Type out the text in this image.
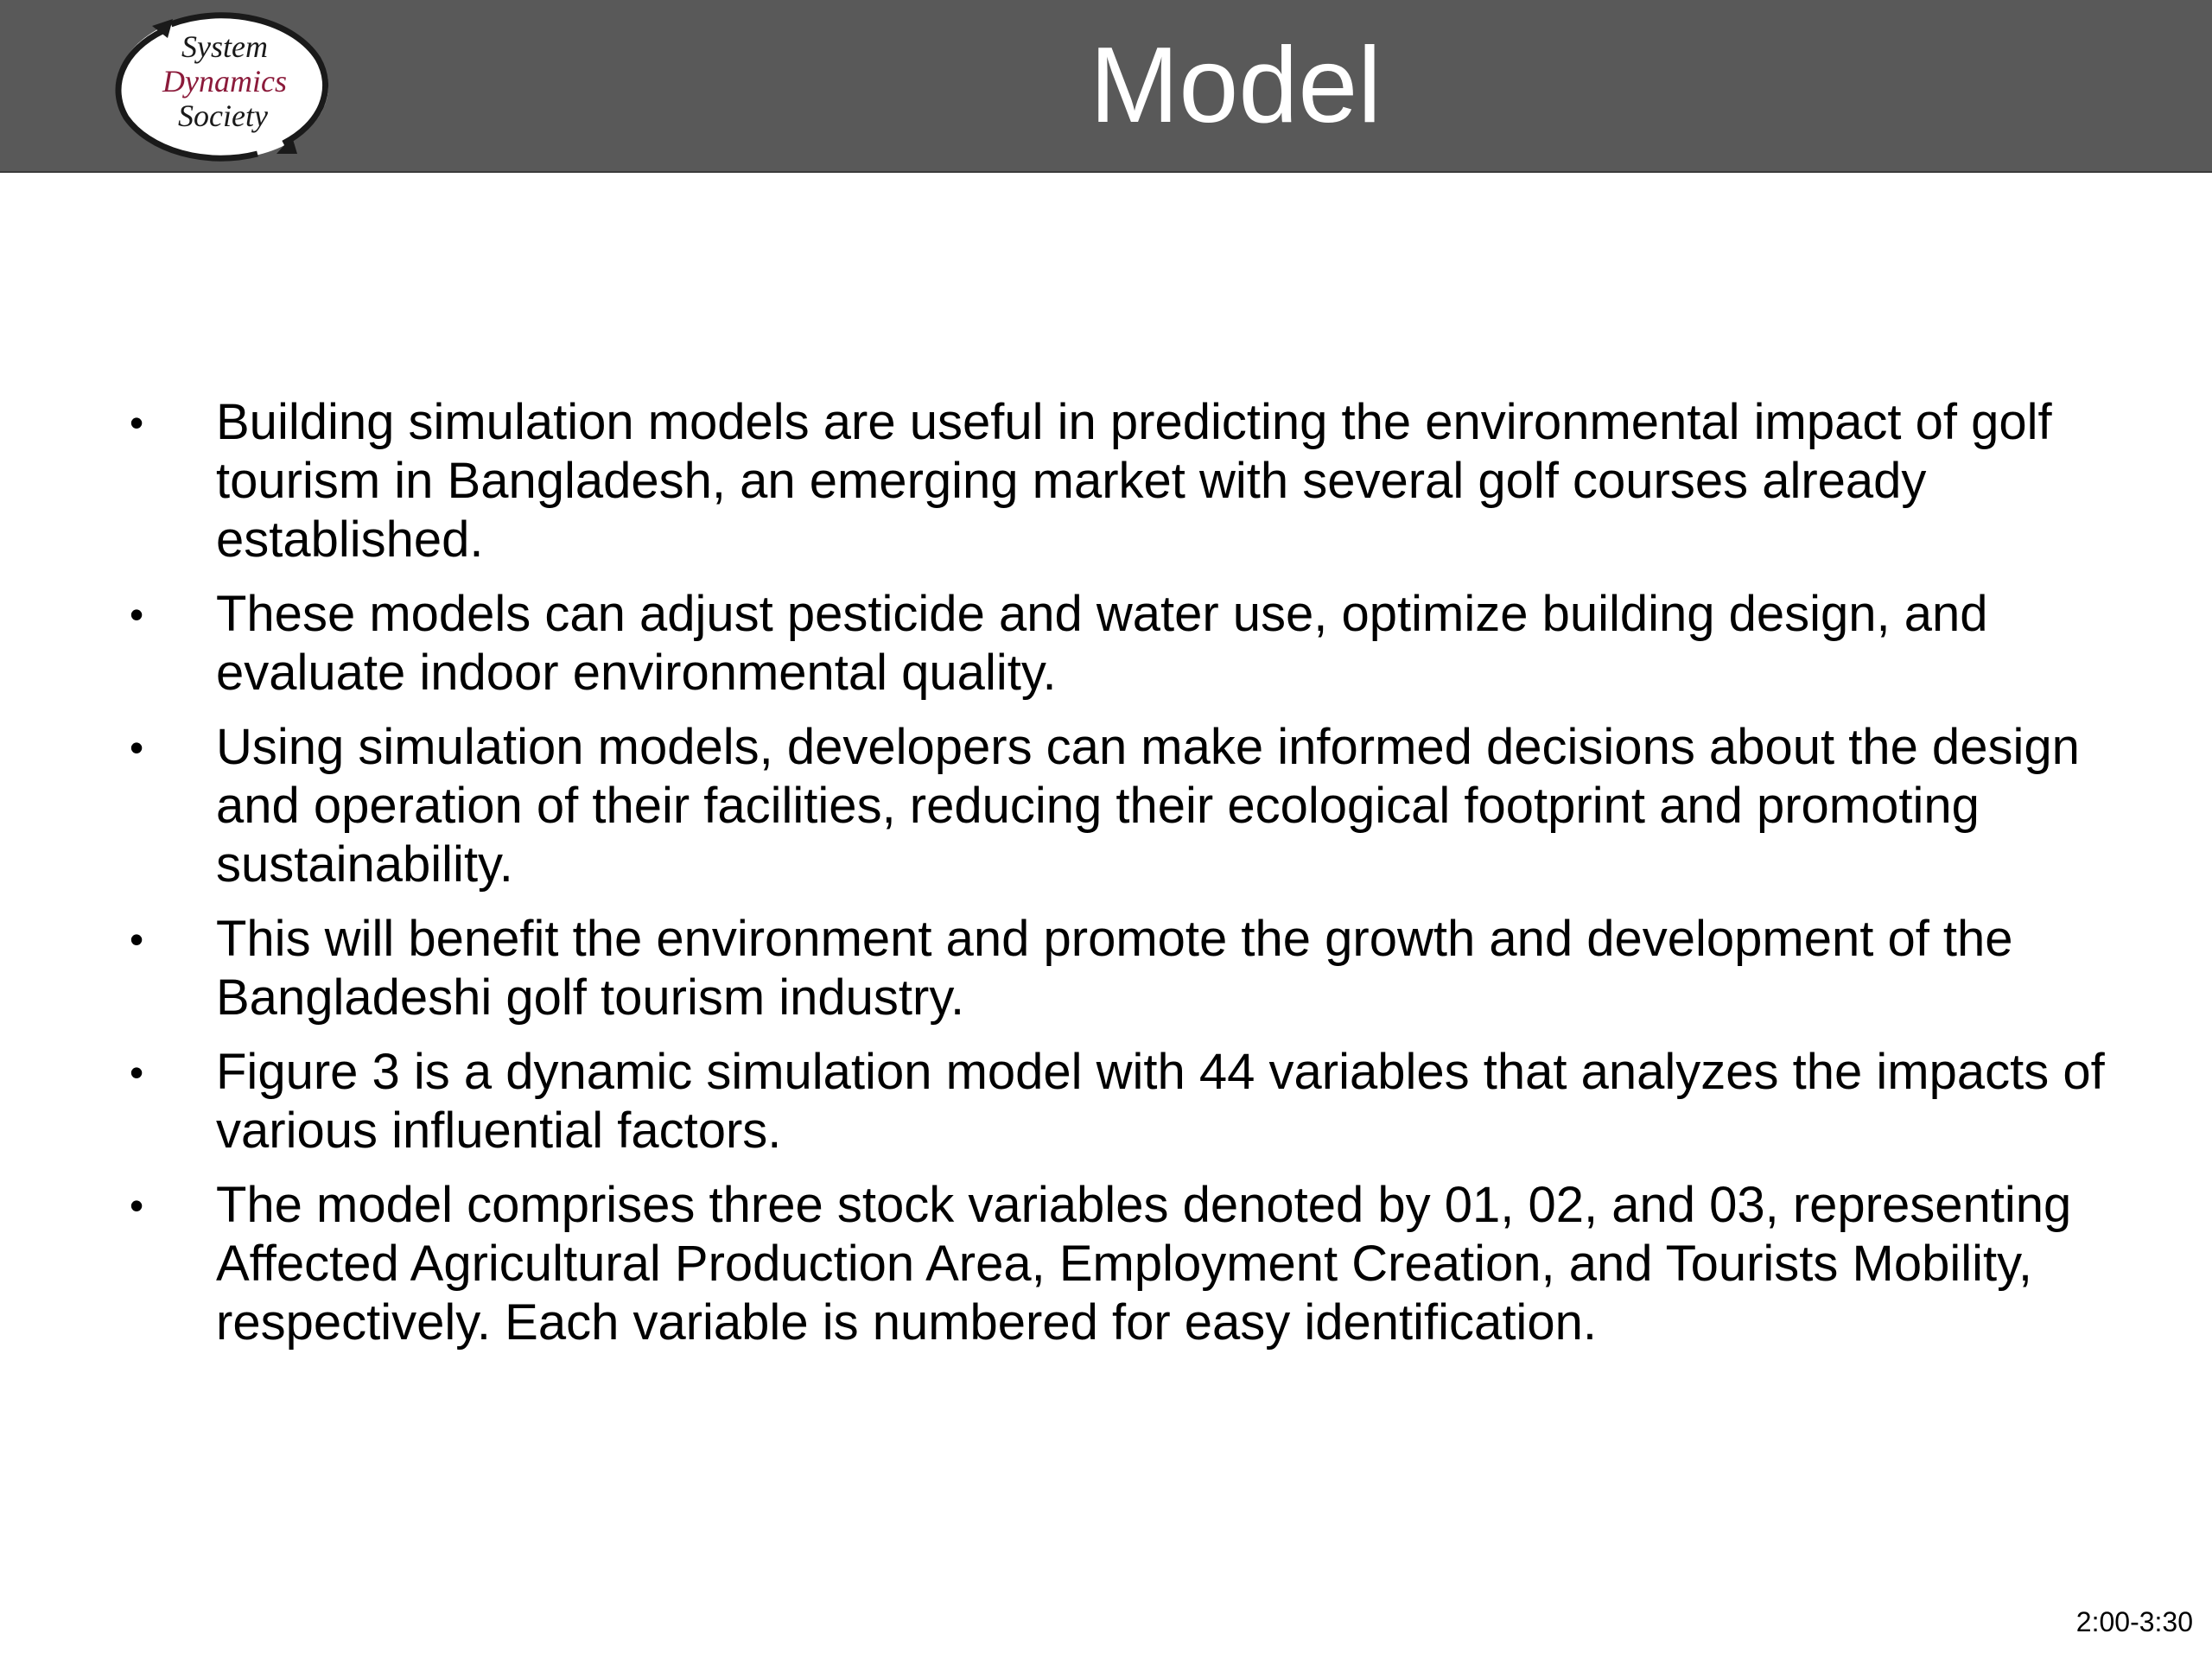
System
Dynamics
Society	Model
•	Building simulation models are useful in predicting the environmental impact of golf tourism in Bangladesh, an emerging market with several golf courses already established.
•	These models can adjust pesticide and water use, optimize building design, and evaluate indoor environmental quality.
•	Using simulation models, developers can make informed decisions about the design and operation of their facilities, reducing their ecological footprint and promoting sustainability.
•	This will benefit the environment and promote the growth and development of the Bangladeshi golf tourism industry.
•	Figure 3 is a dynamic simulation model with 44 variables that analyzes the impacts of various influential factors.
•	The model comprises three stock variables denoted by 01, 02, and 03, representing Affected Agricultural Production Area, Employment Creation, and Tourists Mobility, respectively. Each variable is numbered for easy identification.
2:00-3:30
